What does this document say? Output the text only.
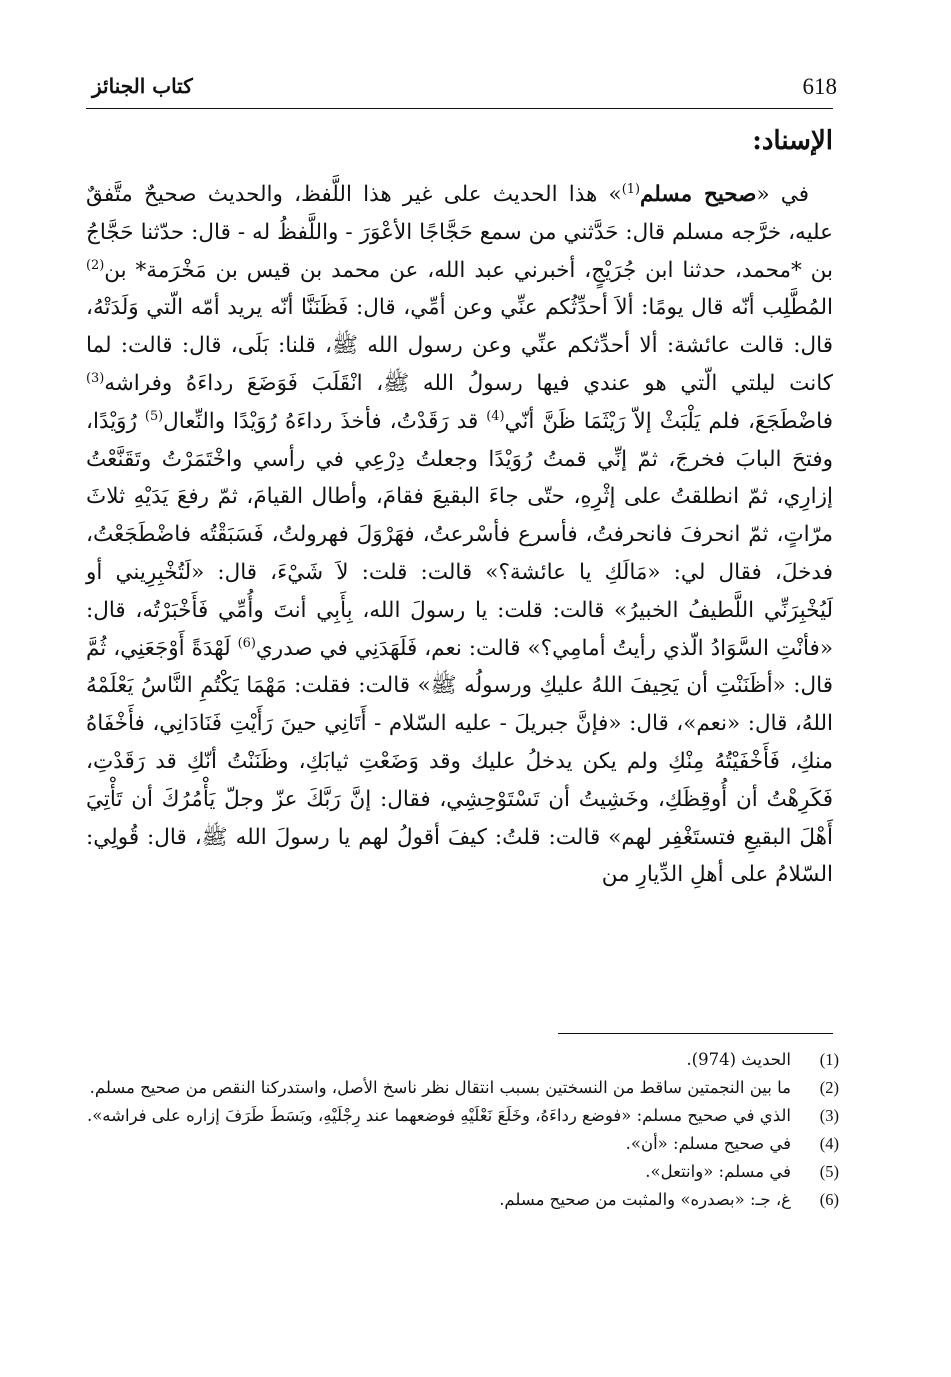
618
كتاب الجنائز
الإسناد:

في «صحيح مسلم$^{(1)}$» هذا الحديث على غير هذا اللَّفظ، والحديث صحيحٌ متَّفقٌ عليه، خرَّجه مسلم قال: حَدَّثني من سمع حَجَّاجًا الأعْوَرَ - واللَّفظُ له - قال: حدّثنا حَجَّاجُ بن *محمد، حدثنا ابن جُرَيْجٍ، أخبرني عبد الله، عن محمد بن قيس بن مَخْرَمة* بن$^{(2)}$ المُطَّلِب أنّه قال يومًا: ألاَ أحدِّثُكم عنِّي وعن أمِّي، قال: فَظَنَنَّا أنّه يريد أمّه الّتي وَلَدَتْهُ، قال: قالت عائشة: ألا أحدِّثكم عنِّي وعن رسول الله ﷺ، قلنا: بَلَى، قال: قالت: لما كانت ليلتي الّتي هو عندي فيها رسولُ الله ﷺ، انْقَلَبَ فَوَضَعَ رداءَهُ وفراشه$^{(3)}$ فاضْطَجَعَ، فلم يَلْبَثْ إلاّ رَيْثَمَا ظَنَّ أنّي$^{(4)}$ قد رَقَدْتُ، فأخذَ رداءَهُ رُوَيْدًا والنِّعال$^{(5)}$ رُوَيْدًا، وفتحَ البابَ فخرجَ، ثمّ إنِّي قمتُ رُوَيْدًا وجعلتُ دِرْعِي في رأسي واخْتَمَرْتُ وتَقَنَّعْتُ إزارِي، ثمّ انطلقتُ على إثْرِهِ، حتّى جاءَ البقيعَ فقامَ، وأطال القيامَ، ثمّ رفعَ يَدَيْهِ ثلاثَ مرّاتٍ، ثمّ انحرفَ فانحرفتُ، فأسرع فأسْرعتُ، فهَرْوَلَ فهرولتُ، فَسَبَقْتُه فاضْطَجَعْتُ، فدخلَ، فقال لي: «مَالَكِ يا عائشة؟» قالت: قلت: لاَ شَيْءَ، قال: «لَتُخْبِرِيني أو لَيُخْبِرَنِّي اللَّطيفُ الخبيرُ» قالت: قلت: يا رسولَ الله، بِأَبِي أنتَ وأُمِّي فَأَخْبَرْتُه، قال: «فأنْتِ السَّوَادُ الّذي رأيتُ أمامِي؟» قالت: نعم، فَلَهَدَنِي في صدري$^{(6)}$ لَهْدَةً أَوْجَعَنِي، ثُمَّ قال: «أظَنَنْتِ أن يَحِيفَ اللهُ عليكِ ورسولُه ﷺ» قالت: فقلت: مَهْمَا يَكْتُمِ النَّاسُ يَعْلَمْهُ اللهُ، قال: «نعم»، قال: «فإنَّ جبريلَ - عليه السّلام - أَتَانِي حينَ رَأَيْتِ فَنَادَانِي، فأَخْفَاهُ منكِ، فَأَخْفَيْتُهُ مِنْكِ ولم يكن يدخلُ عليك وقد وَضَعْتِ ثيابَكِ، وظَنَنْتُ أنّكِ قد رَقَدْتِ، فَكَرِهْتُ أن أُوقِظَكِ، وخَشِيتُ أن تَسْتَوْحِشِي، فقال: إنَّ رَبَّكَ عزّ وجلّ يَأْمُرُكَ أن تَأْتِيَ أَهْلَ البقيعِ فتستَغْفِر لهم» قالت: قلتُ: كيفَ أقولُ لهم يا رسولَ الله ﷺ، قال: قُولِي: السّلامُ على أهلِ الدِّيارِ من

(1)
الحديث (974).
(2)
ما بين النجمتين ساقط من النسختين بسبب انتقال نظر ناسخ الأصل، واستدركنا النقص من صحيح مسلم.
(3)
الذي في صحيح مسلم: «فوضع رداءَهُ، وخَلَعَ نَعْلَيْهِ فوضعهما عند رِجْلَيْهِ، وبَسَطَ طَرَفَ إزاره على فراشه».
(4)
في صحيح مسلم: «أن».
(5)
في مسلم: «وانتعل».
(6)
غ، جـ: «بصدره» والمثبت من صحيح مسلم.
